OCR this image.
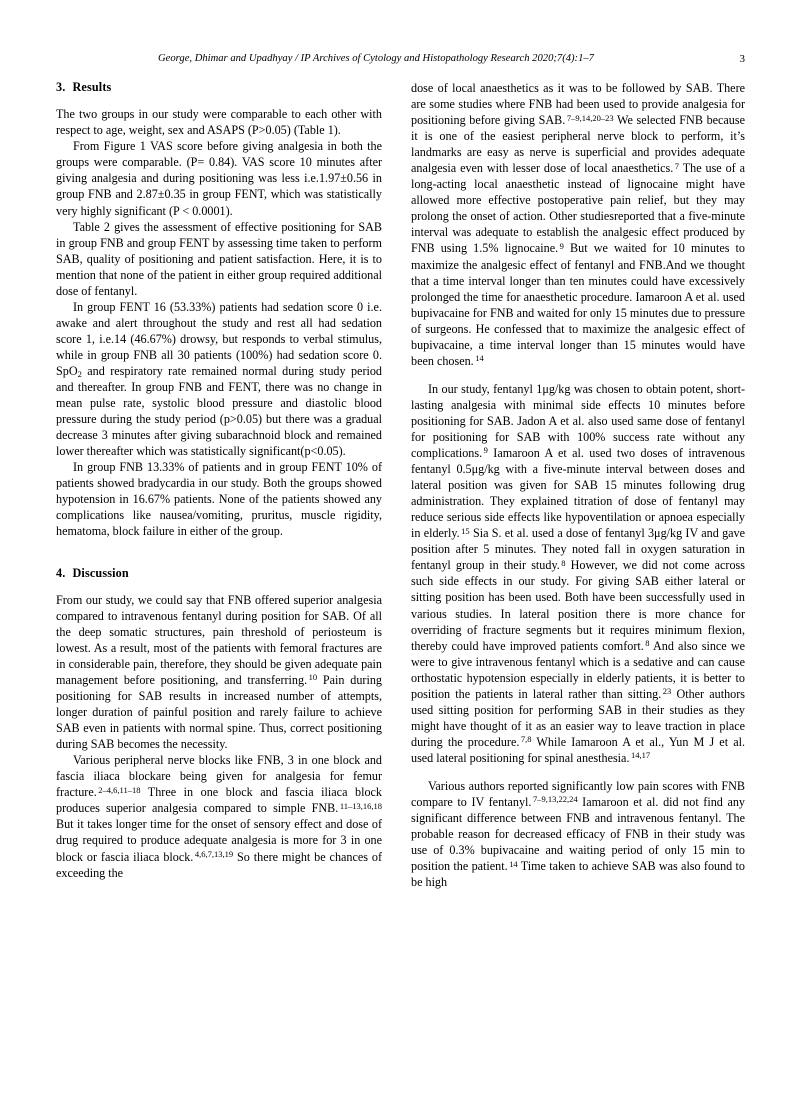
George, Dhimar and Upadhyay / IP Archives of Cytology and Histopathology Research 2020;7(4):1–7	3
3. Results

The two groups in our study were comparable to each other with respect to age, weight, sex and ASAPS (P>0.05) (Table 1).

From Figure 1 VAS score before giving analgesia in both the groups were comparable. (P= 0.84). VAS score 10 minutes after giving analgesia and during positioning was less i.e.1.97±0.56 in group FNB and 2.87±0.35 in group FENT, which was statistically very highly significant (P < 0.0001).

Table 2 gives the assessment of effective positioning for SAB in group FNB and group FENT by assessing time taken to perform SAB, quality of positioning and patient satisfaction. Here, it is to mention that none of the patient in either group required additional dose of fentanyl.

In group FENT 16 (53.33%) patients had sedation score 0 i.e. awake and alert throughout the study and rest all had sedation score 1, i.e.14 (46.67%) drowsy, but responds to verbal stimulus, while in group FNB all 30 patients (100%) had sedation score 0. SpO$_2$ and respiratory rate remained normal during study period and thereafter. In group FNB and FENT, there was no change in mean pulse rate, systolic blood pressure and diastolic blood pressure during the study period (p>0.05) but there was a gradual decrease 3 minutes after giving subarachnoid block and remained lower thereafter which was statistically significant(p<0.05).

In group FNB 13.33% of patients and in group FENT 10% of patients showed bradycardia in our study. Both the groups showed hypotension in 16.67% patients. None of the patients showed any complications like nausea/vomiting, pruritus, muscle rigidity, hematoma, block failure in either of the group.

4. Discussion

From our study, we could say that FNB offered superior analgesia compared to intravenous fentanyl during position for SAB. Of all the deep somatic structures, pain threshold of periosteum is lowest. As a result, most of the patients with femoral fractures are in considerable pain, therefore, they should be given adequate pain management before positioning, and transferring. $^{10}$ Pain during positioning for SAB results in increased number of attempts, longer duration of painful position and rarely failure to achieve SAB even in patients with normal spine. Thus, correct positioning during SAB becomes the necessity.

Various peripheral nerve blocks like FNB, 3 in one block and fascia iliaca blockare being given for analgesia for femur fracture. $^{2-4,6,11-18}$ Three in one block and fascia iliaca block produces superior analgesia compared to simple FNB. $^{11-13,16,18}$ But it takes longer time for the onset of sensory effect and dose of drug required to produce adequate analgesia is more for 3 in one block or fascia iliaca block. $^{4,6,7,13,19}$ So there might be chances of exceeding the

dose of local anaesthetics as it was to be followed by SAB. There are some studies where FNB had been used to provide analgesia for positioning before giving SAB. $^{7-9,14,20-23}$ We selected FNB because it is one of the easiest peripheral nerve block to perform, it’s landmarks are easy as nerve is superficial and provides adequate analgesia even with lesser dose of local anaesthetics. $^7$ The use of a long-acting local anaesthetic instead of lignocaine might have allowed more effective postoperative pain relief, but they may prolong the onset of action. Other studiesreported that a five-minute interval was adequate to establish the analgesic effect produced by FNB using 1.5% lignocaine. $^9$ But we waited for 10 minutes to maximize the analgesic effect of fentanyl and FNB.And we thought that a time interval longer than ten minutes could have excessively prolonged the time for anaesthetic procedure. Iamaroon A et al. used bupivacaine for FNB and waited for only 15 minutes due to pressure of surgeons. He confessed that to maximize the analgesic effect of bupivacaine, a time interval longer than 15 minutes would have been chosen. $^{14}$

In our study, fentanyl 1μg/kg was chosen to obtain potent, short-lasting analgesia with minimal side effects 10 minutes before positioning for SAB. Jadon A et al. also used same dose of fentanyl for positioning for SAB with 100% success rate without any complications. $^9$ Iamaroon A et al. used two doses of intravenous fentanyl 0.5μg/kg with a five-minute interval between doses and lateral position was given for SAB 15 minutes following drug administration. They explained titration of dose of fentanyl may reduce serious side effects like hypoventilation or apnoea especially in elderly. $^{15}$ Sia S. et al. used a dose of fentanyl 3μg/kg IV and gave position after 5 minutes. They noted fall in oxygen saturation in fentanyl group in their study. $^8$ However, we did not come across such side effects in our study. For giving SAB either lateral or sitting position has been used. Both have been successfully used in various studies. In lateral position there is more chance for overriding of fracture segments but it requires minimum flexion, thereby could have improved patients comfort. $^8$ And also since we were to give intravenous fentanyl which is a sedative and can cause orthostatic hypotension especially in elderly patients, it is better to position the patients in lateral rather than sitting. $^{23}$ Other authors used sitting position for performing SAB in their studies as they might have thought of it as an easier way to leave traction in place during the procedure. $^{7,8}$ While Iamaroon A et al., Yun M J et al. used lateral positioning for spinal anesthesia. $^{14,17}$

Various authors reported significantly low pain scores with FNB compare to IV fentanyl. $^{7-9,13,22,24}$ Iamaroon et al. did not find any significant difference between FNB and intravenous fentanyl. The probable reason for decreased efficacy of FNB in their study was use of 0.3% bupivacaine and waiting period of only 15 min to position the patient. $^{14}$ Time taken to achieve SAB was also found to be high
